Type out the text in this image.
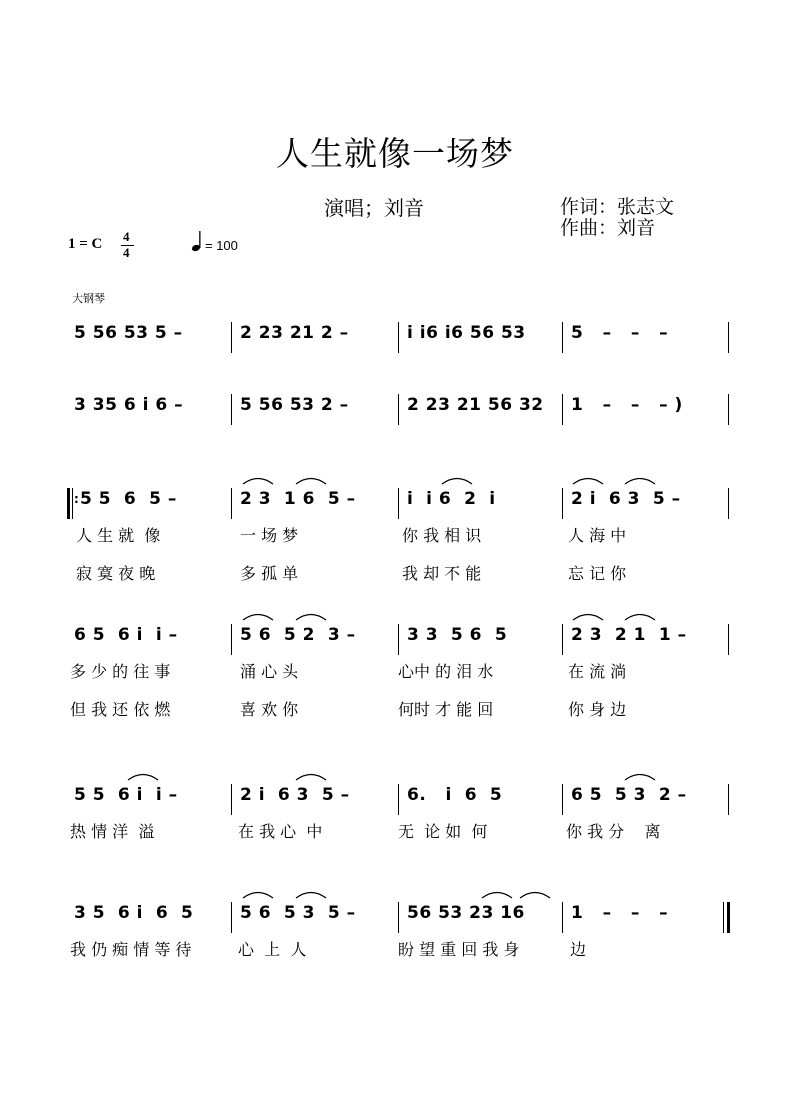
人生就像一场梦
演唱；刘音	作词：张志文
作曲：刘音
1 = C 4
4	= 100
大钢琴
5 56 53 5 –	2 23 21 2 –	i i6 i6 56 53	5   –   –   –
3 35 6 i 6 –	5 56 53 2 –	2 23 21 56 32 1   –   –   – )
: 5 5  6  5 –	2 3  1 6  5 –	i  i 6  2  i	2 i  6 3  5 –
人 生 就  像	一 场 梦	你 我 相 识	人 海 中
寂 寞 夜 晚	多 孤 单	我 却 不 能	忘 记 你
6 5  6 i  i –	5 6  5 2  3 –	3 3  5 6  5	2 3  2 1  1 –
多 少 的 往 事	涌 心 头	心中 的 泪 水	在 流 淌
但 我 还 依 燃	喜 欢 你	何时 才 能 回	你 身 边
5 5  6 i  i –	2 i  6 3  5 –	6.   i  6  5	6 5  5 3  2 –
热 情 洋  溢	在 我 心  中	无  论 如  何	你 我 分    离
3 5  6 i  6  5	5 6  5 3  5 –	56 53 23 16	1   –   –   –
我 仍 痴 情 等 待	心  上  人	盼 望 重 回 我 身	边
